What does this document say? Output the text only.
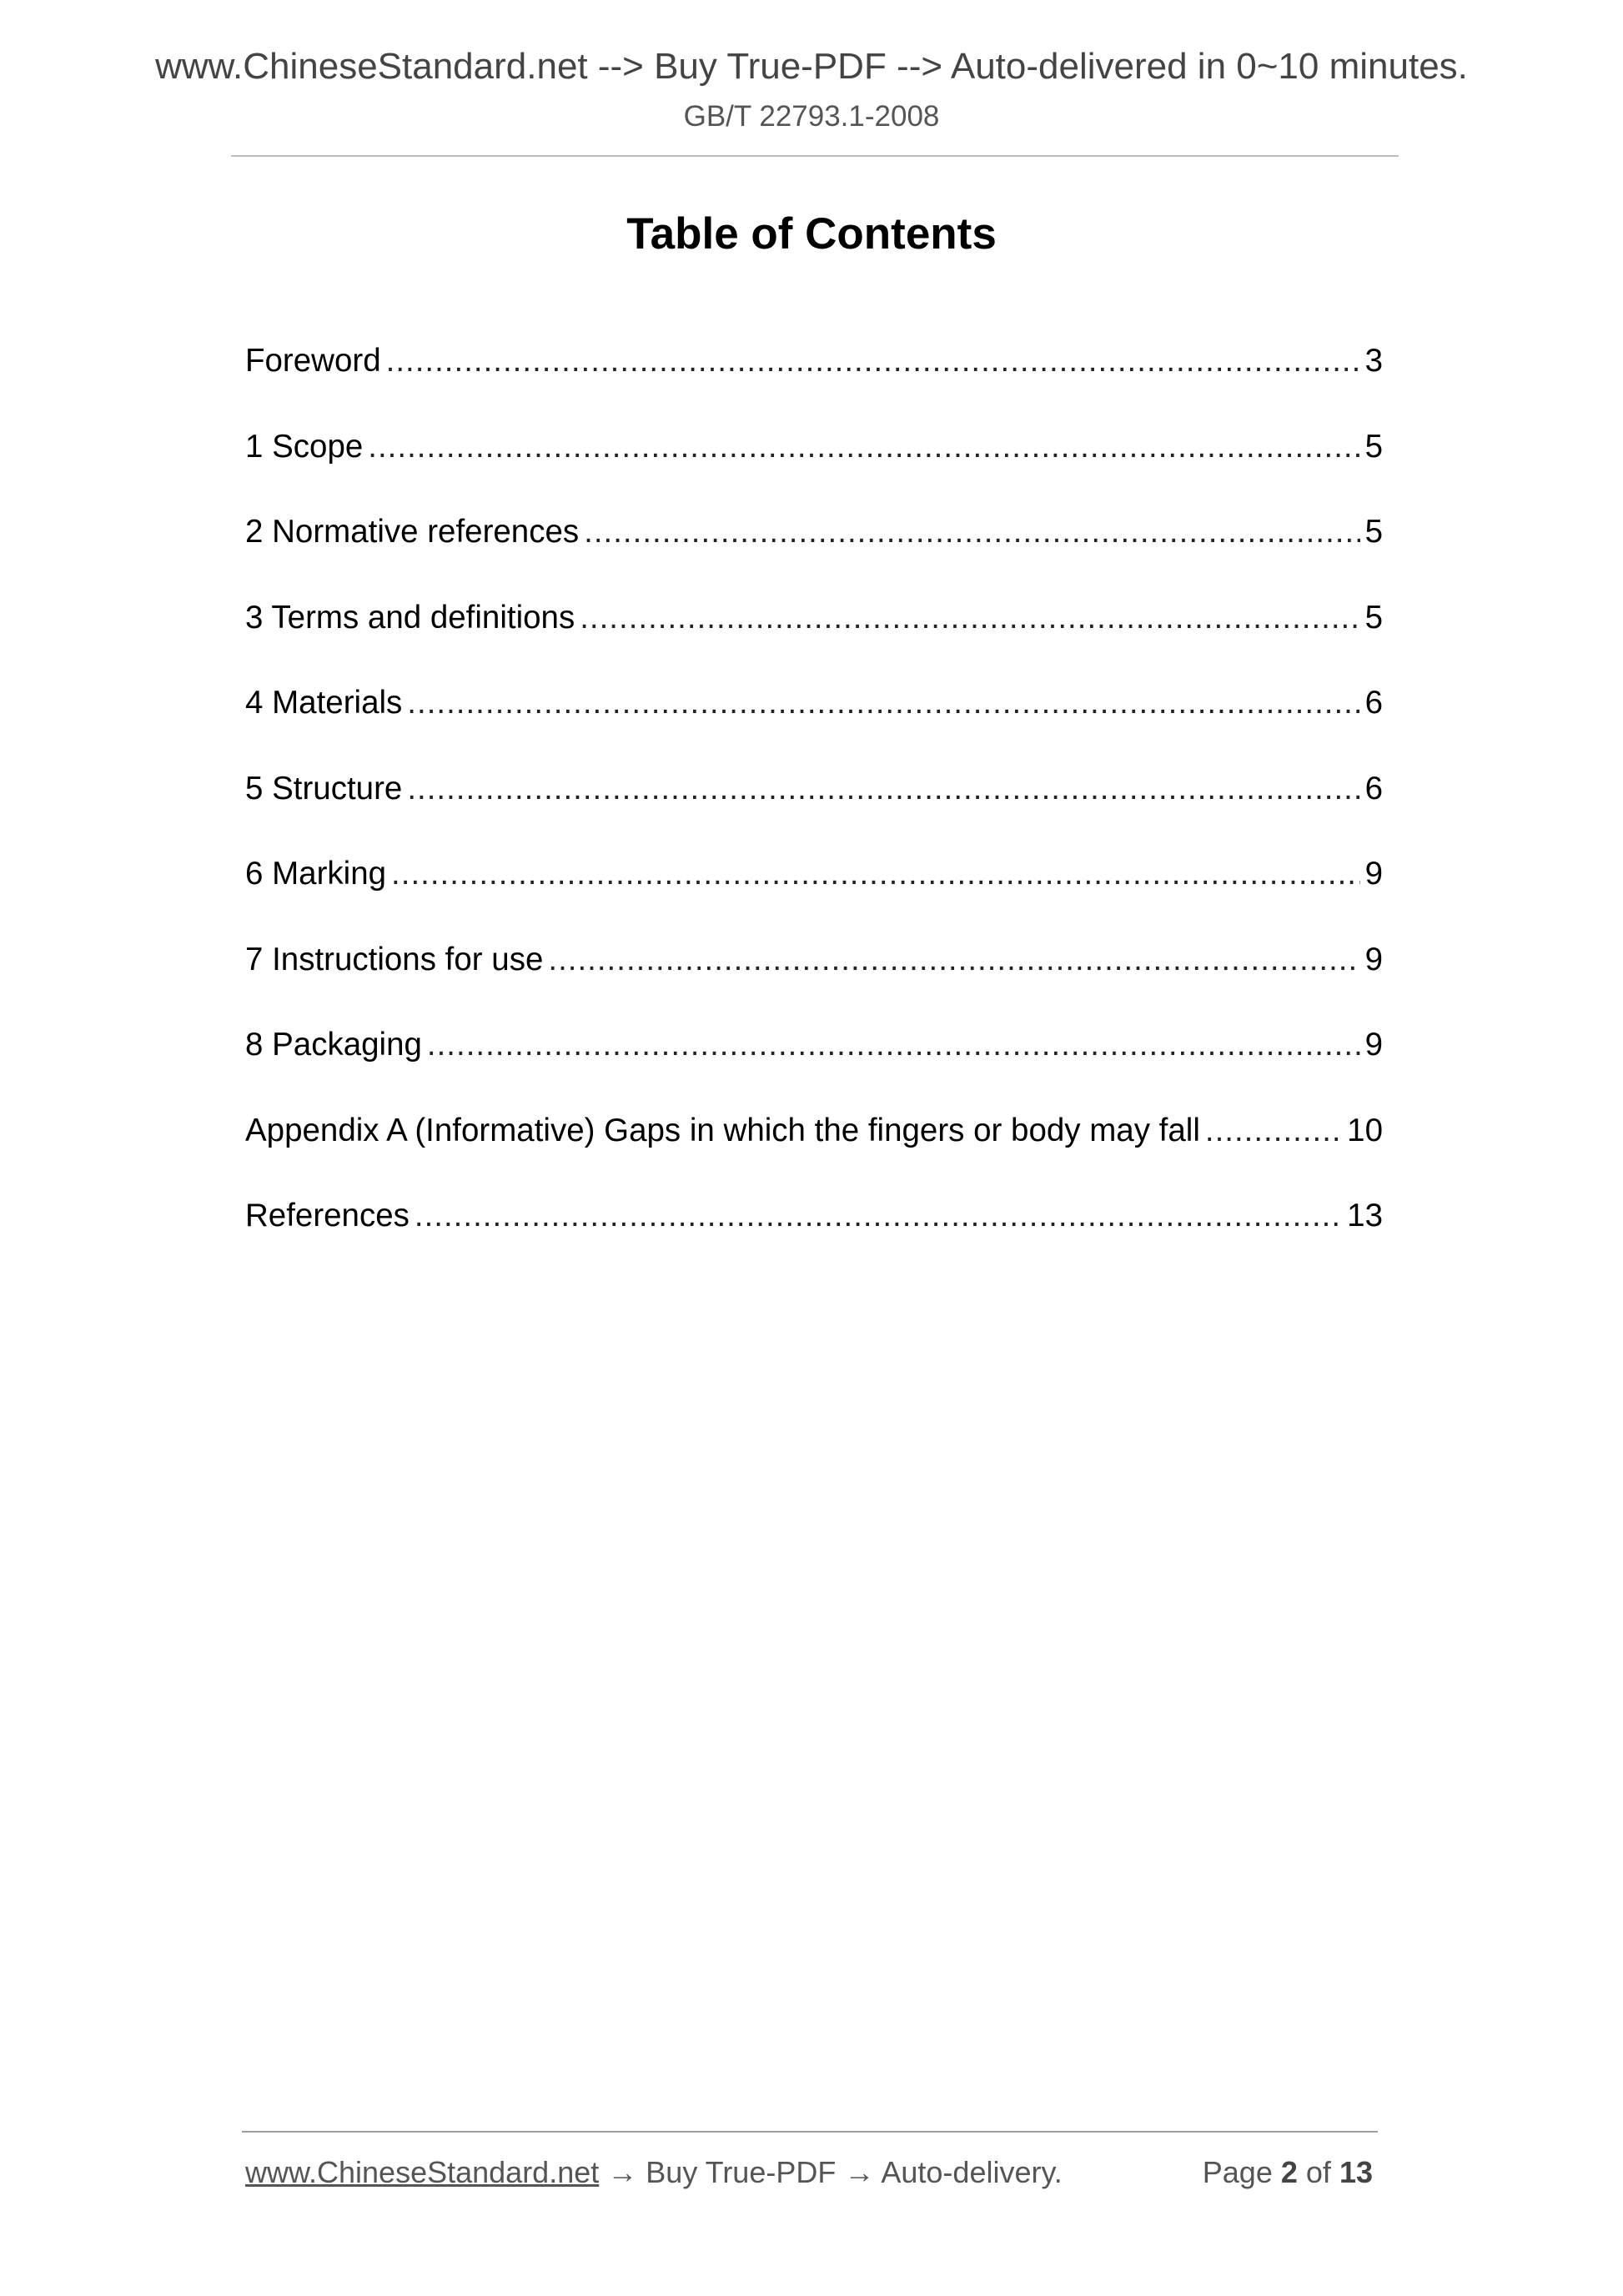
www.ChineseStandard.net --> Buy True-PDF --> Auto-delivered in 0~10 minutes.
GB/T 22793.1-2008
Table of Contents
Foreword .....	3
1 Scope .....	5
2 Normative references .....	5
3 Terms and definitions .....	5
4 Materials .....	6
5 Structure .....	6
6 Marking .....	9
7 Instructions for use .....	9
8 Packaging .....	9
Appendix A (Informative) Gaps in which the fingers or body may fall .....	10
References .....	13
www.ChineseStandard.net → Buy True-PDF → Auto-delivery.	Page 2 of 13
